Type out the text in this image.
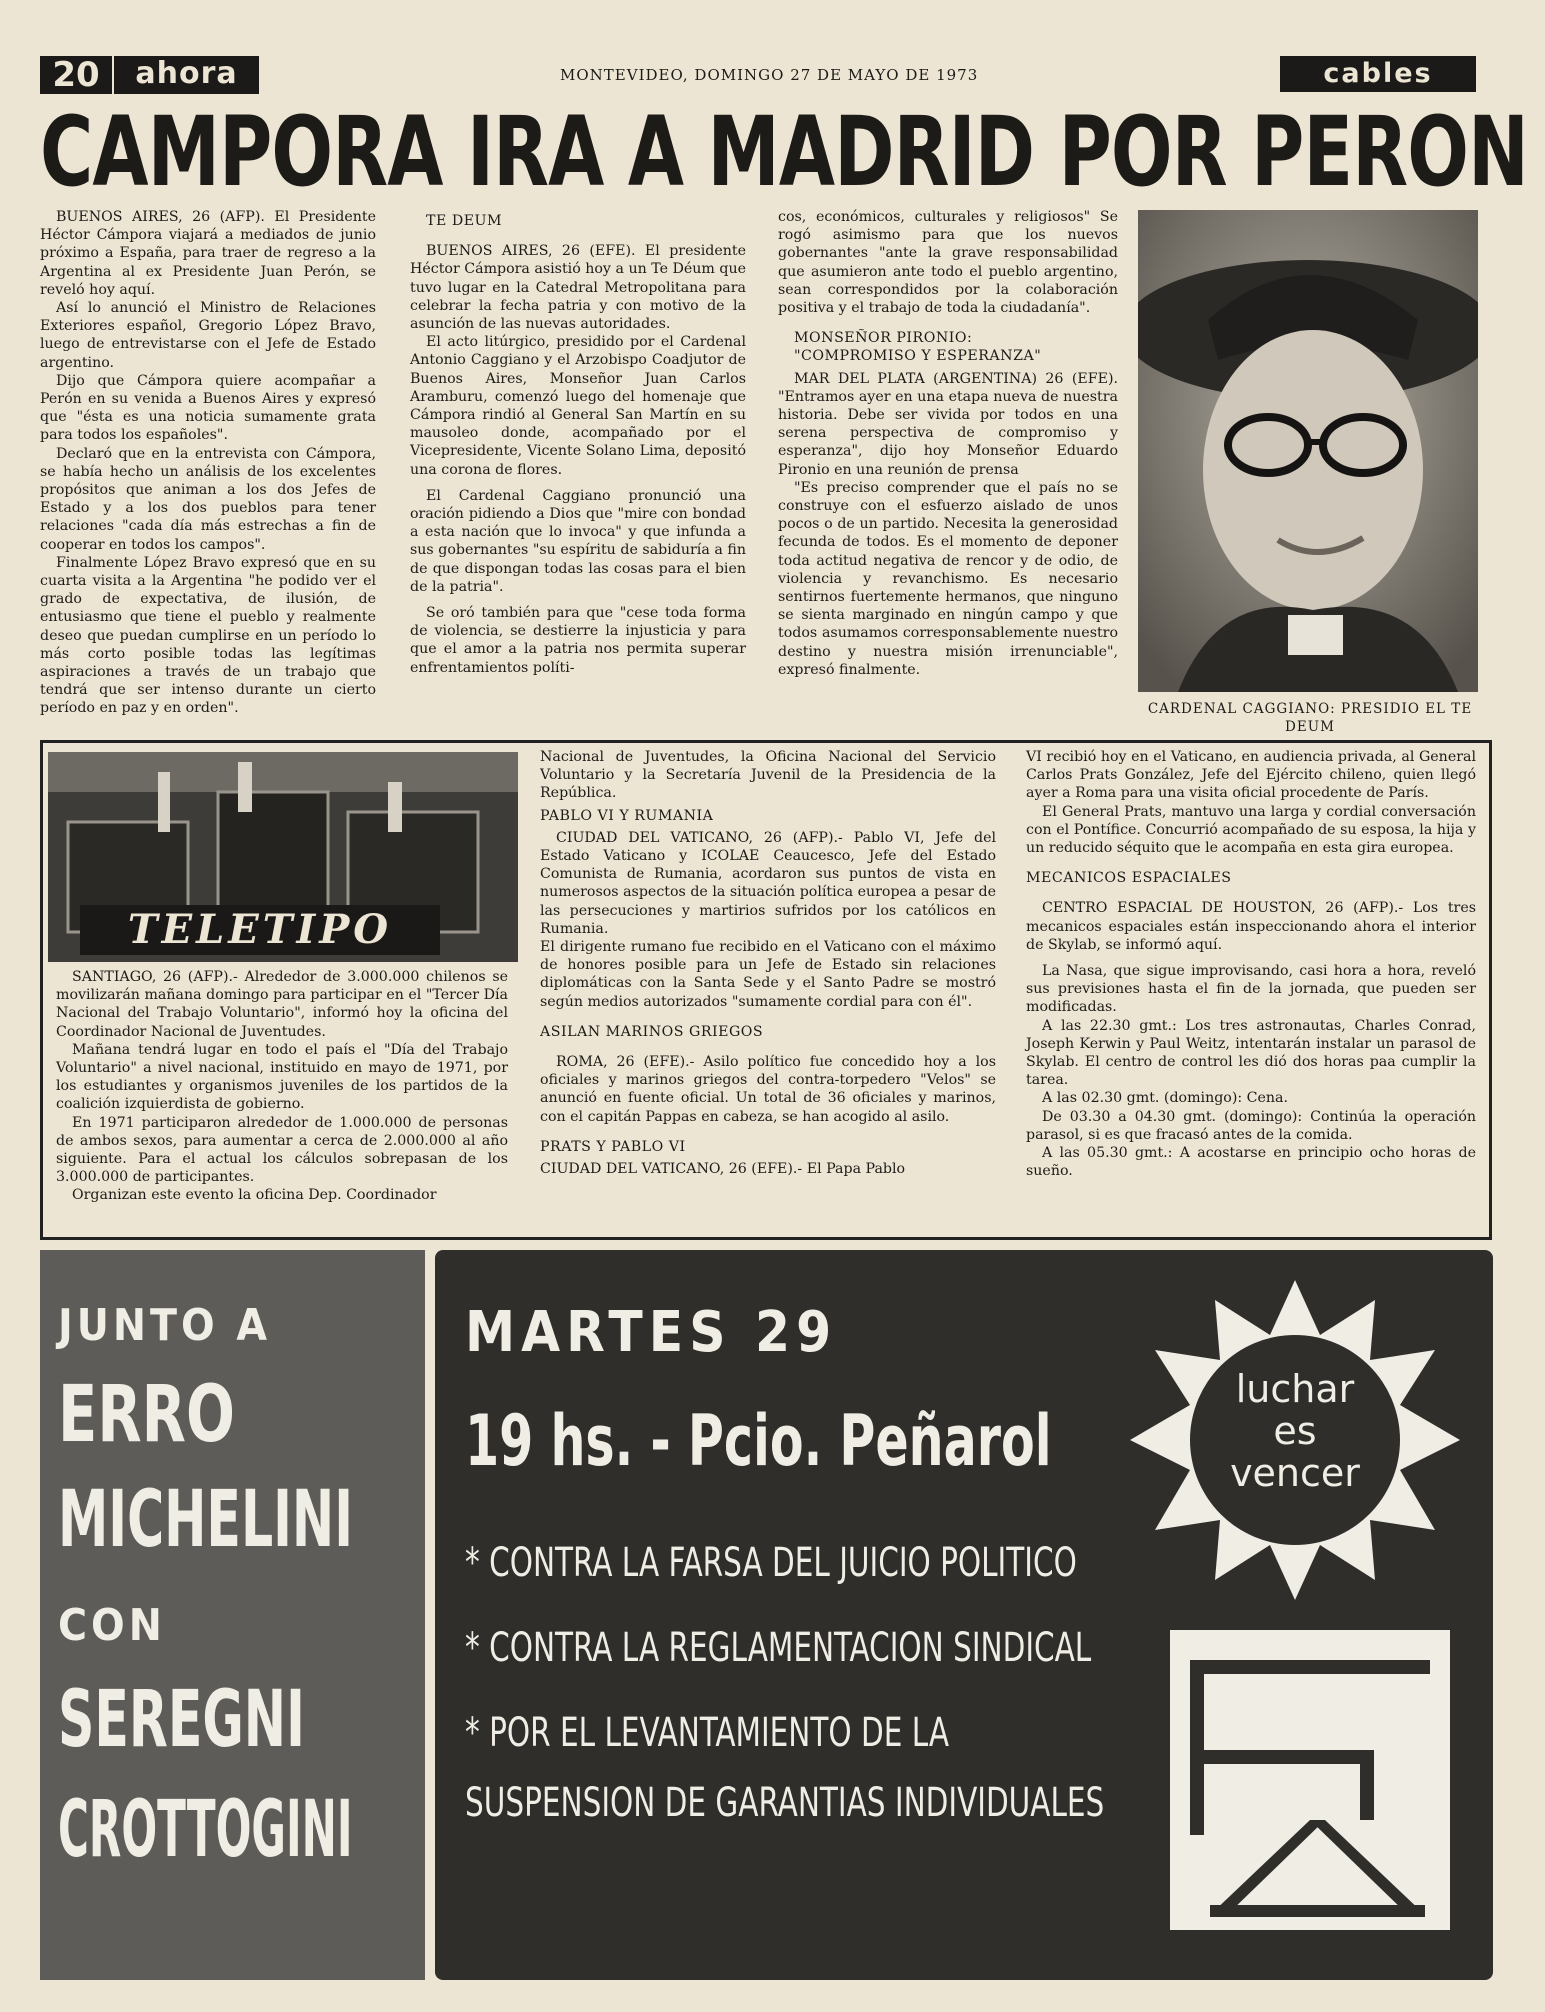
20	ahora	MONTEVIDEO, DOMINGO 27 DE MAYO DE 1973	cables
CAMPORA IRA A MADRID POR PERON

BUENOS AIRES, 26 (AFP). El Presidente Héctor Cámpora viajará a mediados de junio próximo a España, para traer de regreso a la Argentina al ex Presidente Juan Perón, se reveló hoy aquí.

Así lo anunció el Ministro de Relaciones Exteriores español, Gregorio López Bravo, luego de entrevistarse con el Jefe de Estado argentino.

Dijo que Cámpora quiere acompañar a Perón en su venida a Buenos Aires y expresó que "ésta es una noticia sumamente grata para todos los españoles".

Declaró que en la entrevista con Cámpora, se había hecho un análisis de los excelentes propósitos que animan a los dos Jefes de Estado y a los dos pueblos para tener relaciones "cada día más estrechas a fin de cooperar en todos los campos".

Finalmente López Bravo expresó que en su cuarta visita a la Argentina "he podido ver el grado de expectativa, de ilusión, de entusiasmo que tiene el pueblo y realmente deseo que puedan cumplirse en un período lo más corto posible todas las legítimas aspiraciones a través de un trabajo que tendrá que ser intenso durante un cierto período en paz y en orden".

TE DEUM

BUENOS AIRES, 26 (EFE). El presidente Héctor Cámpora asistió hoy a un Te Déum que tuvo lugar en la Catedral Metropolitana para celebrar la fecha patria y con motivo de la asunción de las nuevas autoridades.

El acto litúrgico, presidido por el Cardenal Antonio Caggiano y el Arzobispo Coadjutor de Buenos Aires, Monseñor Juan Carlos Aramburu, comenzó luego del homenaje que Cámpora rindió al General San Martín en su mausoleo donde, acompañado por el Vicepresidente, Vicente Solano Lima, depositó una corona de flores.

El Cardenal Caggiano pronunció una oración pidiendo a Dios que "mire con bondad a esta nación que lo invoca" y que infunda a sus gobernantes "su espíritu de sabiduría a fin de que dispongan todas las cosas para el bien de la patria".

Se oró también para que "cese toda forma de violencia, se destierre la injusticia y para que el amor a la patria nos permita superar enfrentamientos políti-

cos, económicos, culturales y religiosos" Se rogó asimismo para que los nuevos gobernantes "ante la grave responsabilidad que asumieron ante todo el pueblo argentino, sean correspondidos por la colaboración positiva y el trabajo de toda la ciudadanía".

MONSEÑOR PIRONIO:
"COMPROMISO Y ESPERANZA"

MAR DEL PLATA (ARGENTINA) 26 (EFE). "Entramos ayer en una etapa nueva de nuestra historia. Debe ser vivida por todos en una serena perspectiva de compromiso y esperanza", dijo hoy Monseñor Eduardo Pironio en una reunión de prensa

"Es preciso comprender que el país no se construye con el esfuerzo aislado de unos pocos o de un partido. Necesita la generosidad fecunda de todos. Es el momento de deponer toda actitud negativa de rencor y de odio, de violencia y revanchismo. Es necesario sentirnos fuertemente hermanos, que ninguno se sienta marginado en ningún campo y que todos asumamos corresponsablemente nuestro destino y nuestra misión irrenunciable", expresó finalmente.

CARDENAL CAGGIANO: PRESIDIO EL TE DEUM
TELETIPO

SANTIAGO, 26 (AFP).- Alrededor de 3.000.000 chilenos se movilizarán mañana domingo para participar en el "Tercer Día Nacional del Trabajo Voluntario", informó hoy la oficina del Coordinador Nacional de Juventudes.

Mañana tendrá lugar en todo el país el "Día del Trabajo Voluntario" a nivel nacional, instituido en mayo de 1971, por los estudiantes y organismos juveniles de los partidos de la coalición izquierdista de gobierno.

En 1971 participaron alrededor de 1.000.000 de personas de ambos sexos, para aumentar a cerca de 2.000.000 al año siguiente. Para el actual los cálculos sobrepasan de los 3.000.000 de participantes.

Organizan este evento la oficina Dep. Coordinador

Nacional de Juventudes, la Oficina Nacional del Servicio Voluntario y la Secretaría Juvenil de la Presidencia de la República.

PABLO VI Y RUMANIA

CIUDAD DEL VATICANO, 26 (AFP).- Pablo VI, Jefe del Estado Vaticano y ICOLAE Ceaucesco, Jefe del Estado Comunista de Rumania, acordaron sus puntos de vista en numerosos aspectos de la situación política europea a pesar de las persecuciones y martirios sufridos por los católicos en Rumania.

El dirigente rumano fue recibido en el Vaticano con el máximo de honores posible para un Jefe de Estado sin relaciones diplomáticas con la Santa Sede y el Santo Padre se mostró según medios autorizados "sumamente cordial para con él".

ASILAN MARINOS GRIEGOS

ROMA, 26 (EFE).- Asilo político fue concedido hoy a los oficiales y marinos griegos del contra-torpedero "Velos" se anunció en fuente oficial. Un total de 36 oficiales y marinos, con el capitán Pappas en cabeza, se han acogido al asilo.

PRATS Y PABLO VI

CIUDAD DEL VATICANO, 26 (EFE).- El Papa Pablo

VI recibió hoy en el Vaticano, en audiencia privada, al General Carlos Prats González, Jefe del Ejército chileno, quien llegó ayer a Roma para una visita oficial procedente de París.

El General Prats, mantuvo una larga y cordial conversación con el Pontífice. Concurrió acompañado de su esposa, la hija y un reducido séquito que le acompaña en esta gira europea.

MECANICOS ESPACIALES

CENTRO ESPACIAL DE HOUSTON, 26 (AFP).- Los tres mecanicos espaciales están inspeccionando ahora el interior de Skylab, se informó aquí.

La Nasa, que sigue improvisando, casi hora a hora, reveló sus previsiones hasta el fin de la jornada, que pueden ser modificadas.

A las 22.30 gmt.: Los tres astronautas, Charles Conrad, Joseph Kerwin y Paul Weitz, intentarán instalar un parasol de Skylab. El centro de control les dió dos horas paa cumplir la tarea.

A las 02.30 gmt. (domingo): Cena.

De 03.30 a 04.30 gmt. (domingo): Continúa la operación parasol, si es que fracasó antes de la comida.

A las 05.30 gmt.: A acostarse en principio ocho horas de sueño.

JUNTO A
ERRO
MICHELINI
CON
SEREGNI
CROTTOGINI
MARTES 29
19 hs. - Pcio. Peñarol
* CONTRA LA FARSA DEL JUICIO POLITICO
* CONTRA LA REGLAMENTACION SINDICAL
* POR EL LEVANTAMIENTO DE LA
SUSPENSION DE GARANTIAS INDIVIDUALES
luchar
es
vencer
